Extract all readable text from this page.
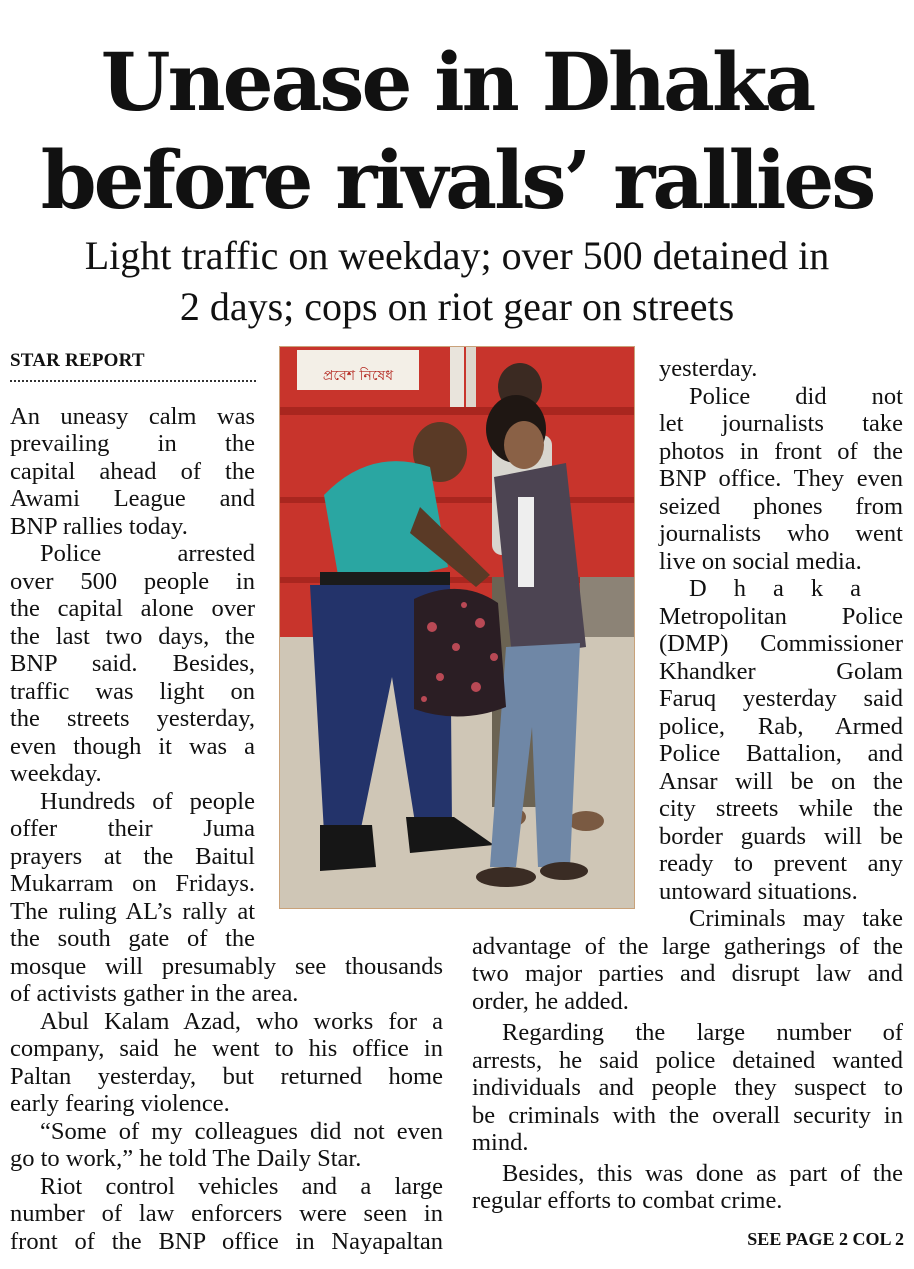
Unease in Dhaka
before rivals’ rallies
Light traffic on weekday; over 500 detained in
2 days; cops on riot gear on streets
STAR REPORT
An uneasy calm was
prevailing in the
capital ahead of the
Awami League and
BNP rallies today.
Police arrested
over 500 people in
the capital alone over
the last two days, the
BNP said. Besides,
traffic was light on
the streets yesterday,
even though it was a
weekday.
Hundreds of people
offer their Juma
prayers at the Baitul
Mukarram on Fridays.
The ruling AL’s rally at
the south gate of the
mosque will presumably see thousands
of activists gather in the area.
Abul Kalam Azad, who works for a
company, said he went to his office in
Paltan yesterday, but returned home
early fearing violence.
“Some of my colleagues did not even
go to work,” he told The Daily Star.
Riot control vehicles and a large
number of law enforcers were seen in
front of the BNP office in Nayapaltan
yesterday.
Police did not
let journalists take
photos in front of the
BNP office. They even
seized phones from
journalists who went
live on social media.
Dhaka
Metropolitan Police
(DMP) Commissioner
Khandker Golam
Faruq yesterday said
police, Rab, Armed
Police Battalion, and
Ansar will be on the
city streets while the
border guards will be
ready to prevent any
untoward situations.
Criminals may take
advantage of the large gatherings of the
two major parties and disrupt law and
order, he added.
Regarding the large number of
arrests, he said police detained wanted
individuals and people they suspect to
be criminals with the overall security in
mind.
Besides, this was done as part of the
regular efforts to combat crime.
প্রবেশ নিষেধ
SEE PAGE 2 COL 2
